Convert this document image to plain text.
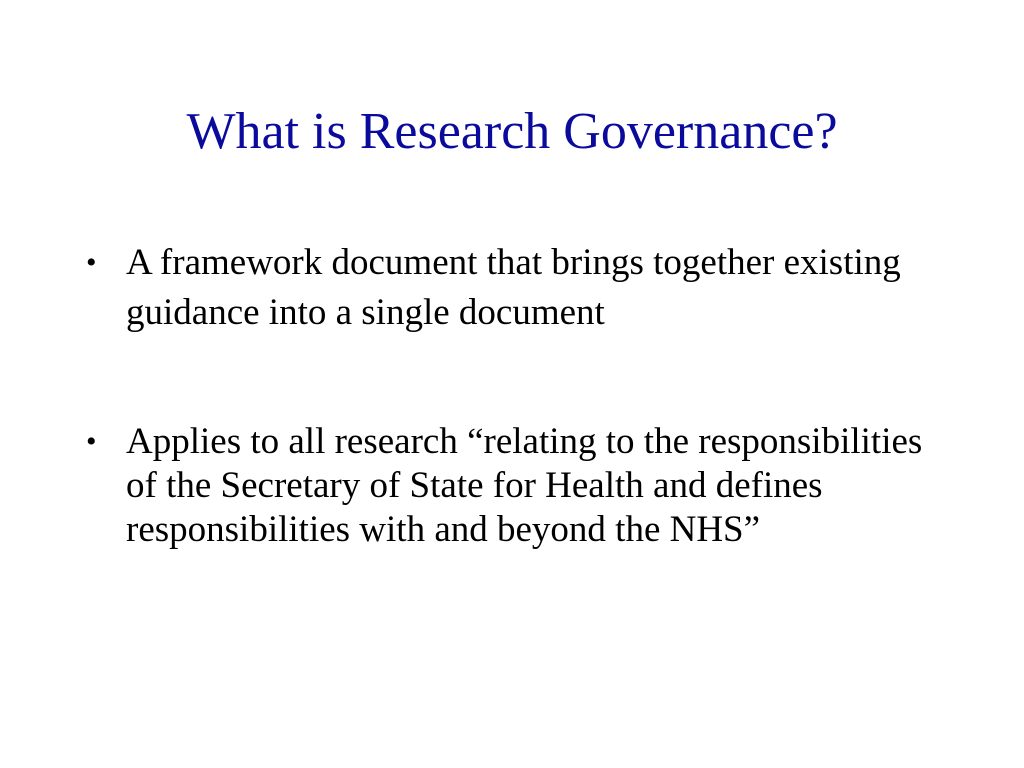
What is Research Governance?
• A framework document that brings together existing guidance into a single document
• Applies to all research “relating to the responsibilities of the Secretary of State for Health and defines responsibilities with and beyond the NHS”
